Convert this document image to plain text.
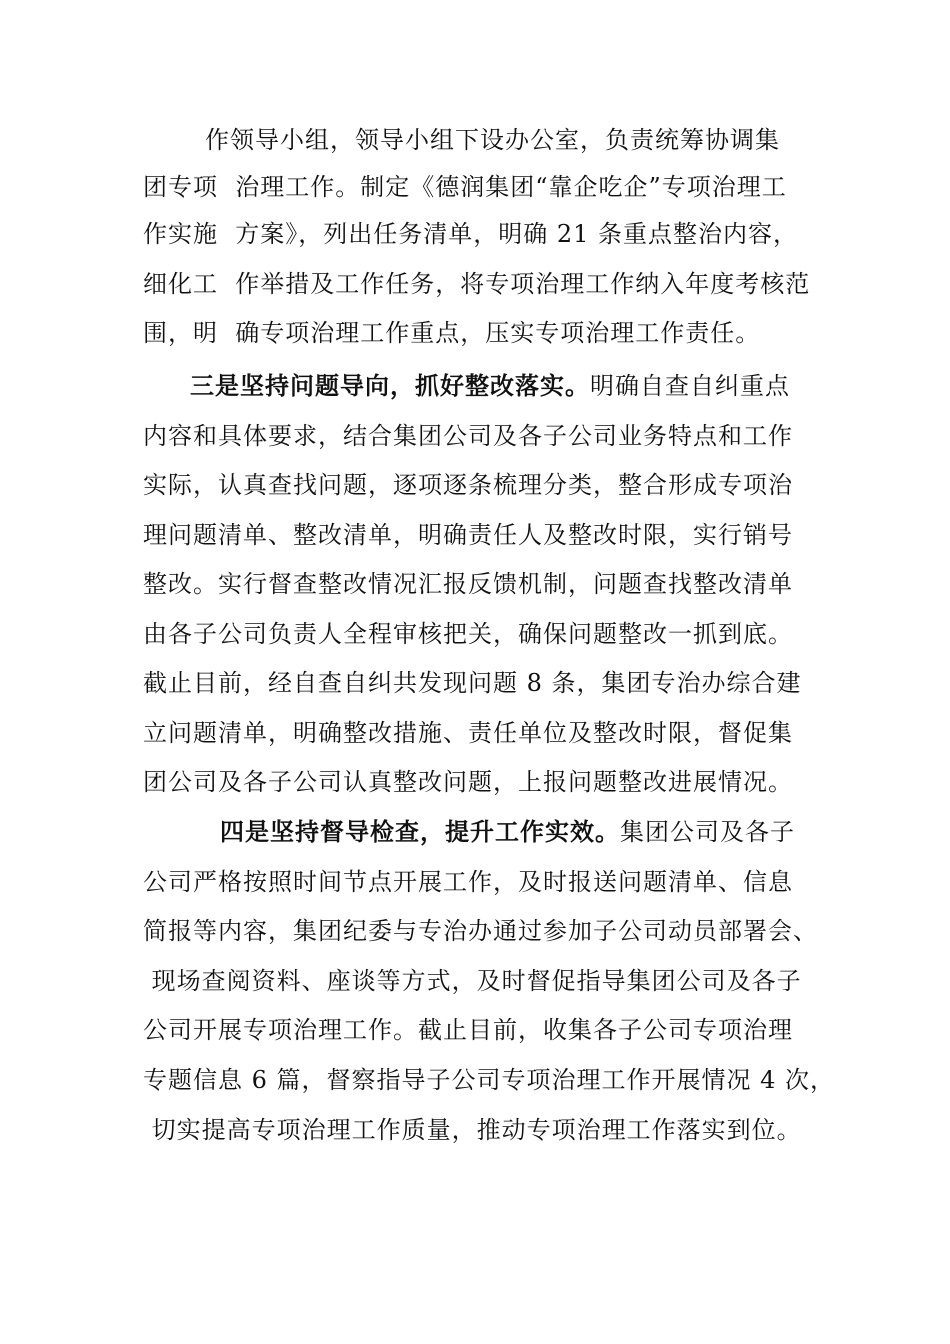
作领导小组，领导小组下设办公室，负责统筹协调集
团专项  治理工作。制定《德润集团“靠企吃企”专项治理工
作实施  方案》，列出任务清单，明确 21 条重点整治内容，
细化工  作举措及工作任务，将专项治理工作纳入年度考核范
围，明  确专项治理工作重点，压实专项治理工作责任。
三是坚持问题导向，抓好整改落实。明确自查自纠重点
内容和具体要求，结合集团公司及各子公司业务特点和工作
实际，认真查找问题，逐项逐条梳理分类，整合形成专项治
理问题清单、整改清单，明确责任人及整改时限，实行销号
整改。实行督查整改情况汇报反馈机制，问题查找整改清单
由各子公司负责人全程审核把关，确保问题整改一抓到底。
截止目前，经自查自纠共发现问题 8 条，集团专治办综合建
立问题清单，明确整改措施、责任单位及整改时限，督促集
团公司及各子公司认真整改问题，上报问题整改进展情况。
四是坚持督导检查，提升工作实效。集团公司及各子
公司严格按照时间节点开展工作，及时报送问题清单、信息
简报等内容，集团纪委与专治办通过参加子公司动员部署会、
现场查阅资料、座谈等方式，及时督促指导集团公司及各子
公司开展专项治理工作。截止目前，收集各子公司专项治理
专题信息 6 篇，督察指导子公司专项治理工作开展情况 4 次，
切实提高专项治理工作质量，推动专项治理工作落实到位。
